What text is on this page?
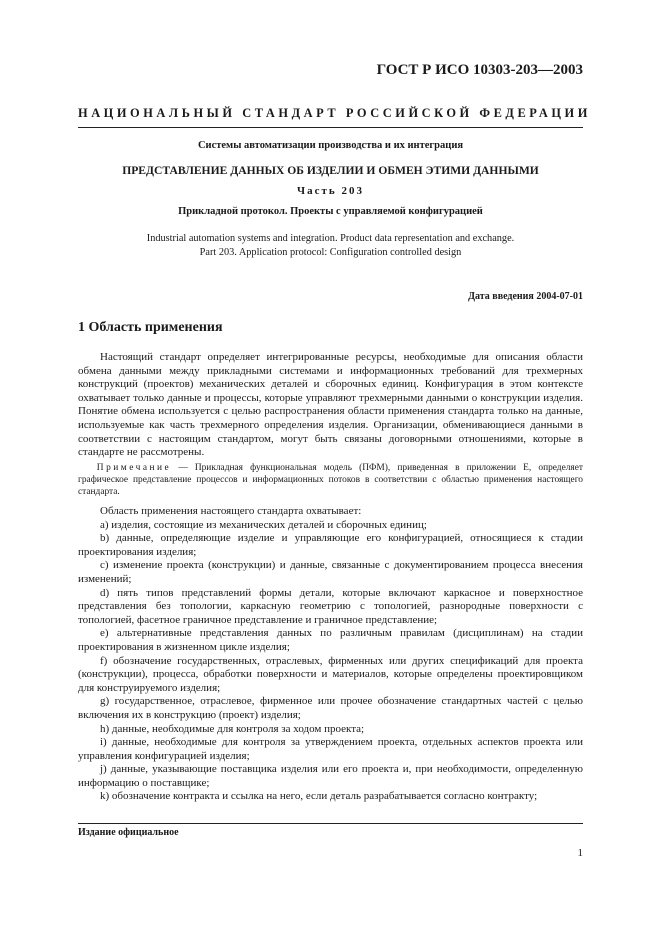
ГОСТ Р ИСО 10303-203—2003
НАЦИОНАЛЬНЫЙ СТАНДАРТ РОССИЙСКОЙ ФЕДЕРАЦИИ
Системы автоматизации производства и их интеграция
ПРЕДСТАВЛЕНИЕ ДАННЫХ ОБ ИЗДЕЛИИ И ОБМЕН ЭТИМИ ДАННЫМИ
Часть 203
Прикладной протокол. Проекты с управляемой конфигурацией
Industrial automation systems and integration. Product data representation and exchange.
Part 203. Application protocol: Configuration controlled design
Дата введения 2004-07-01
1 Область применения

Настоящий стандарт определяет интегрированные ресурсы, необходимые для описания области обмена данными между прикладными системами и информационных требований для трехмерных конструкций (проектов) механических деталей и сборочных единиц. Конфигурация в этом контексте охватывает только данные и процессы, которые управляют трехмерными данными о конструкции изделия. Понятие обмена используется с целью распространения области применения стандарта только на данные, используемые как часть трехмерного определения изделия. Организации, обменивающиеся данными в соответствии с настоящим стандартом, могут быть связаны договорными отношениями, которые в стандарте не рассмотрены.

Примечание — Прикладная функциональная модель (ПФМ), приведенная в приложении Е, определяет графическое представление процессов и информационных потоков в соответствии с областью применения настоящего стандарта.

Область применения настоящего стандарта охватывает:

а) изделия, состоящие из механических деталей и сборочных единиц;

b) данные, определяющие изделие и управляющие его конфигурацией, относящиеся к стадии проектирования изделия;

c) изменение проекта (конструкции) и данные, связанные с документированием процесса внесения изменений;

d) пять типов представлений формы детали, которые включают каркасное и поверхностное представления без топологии, каркасную геометрию с топологией, разнородные поверхности с топологией, фасетное граничное представление и граничное представление;

e) альтернативные представления данных по различным правилам (дисциплинам) на стадии проектирования в жизненном цикле изделия;

f) обозначение государственных, отраслевых, фирменных или других спецификаций для проекта (конструкции), процесса, обработки поверхности и материалов, которые определены проектировщиком для конструируемого изделия;

g) государственное, отраслевое, фирменное или прочее обозначение стандартных частей с целью включения их в конструкцию (проект) изделия;

h) данные, необходимые для контроля за ходом проекта;

i) данные, необходимые для контроля за утверждением проекта, отдельных аспектов проекта или управления конфигурацией изделия;

j) данные, указывающие поставщика изделия или его проекта и, при необходимости, определенную информацию о поставщике;

k) обозначение контракта и ссылка на него, если деталь разрабатывается согласно контракту;

Издание официальное
1
